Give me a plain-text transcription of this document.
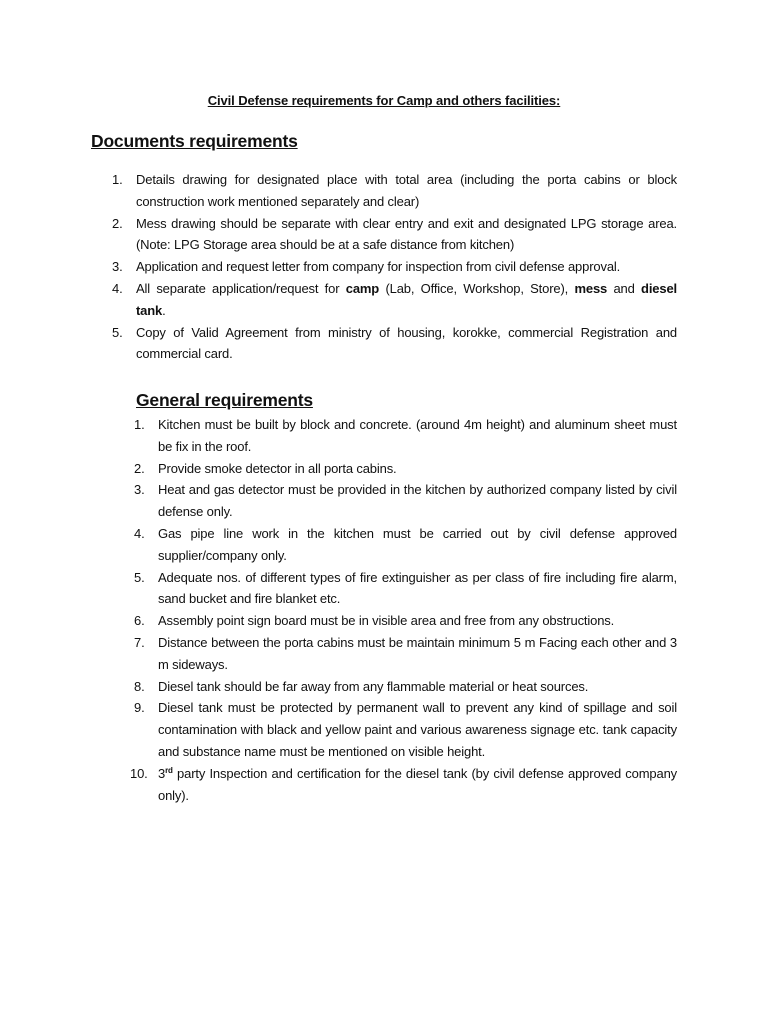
Civil Defense requirements for Camp and others facilities:
Documents requirements
1. Details drawing for designated place with total area (including the porta cabins or block construction work mentioned separately and clear)
2. Mess drawing should be separate with clear entry and exit and designated LPG storage area. (Note: LPG Storage area should be at a safe distance from kitchen)
3. Application and request letter from company for inspection from civil defense approval.
4. All separate application/request for camp (Lab, Office, Workshop, Store), mess and diesel tank.
5. Copy of Valid Agreement from ministry of housing, korokke, commercial Registration and commercial card.
General requirements
1. Kitchen must be built by block and concrete. (around 4m height) and aluminum sheet must be fix in the roof.
2. Provide smoke detector in all porta cabins.
3. Heat and gas detector must be provided in the kitchen by authorized company listed by civil defense only.
4. Gas pipe line work in the kitchen must be carried out by civil defense approved supplier/company only.
5. Adequate nos. of different types of fire extinguisher as per class of fire including fire alarm, sand bucket and fire blanket etc.
6. Assembly point sign board must be in visible area and free from any obstructions.
7. Distance between the porta cabins must be maintain minimum 5 m Facing each other and 3 m sideways.
8. Diesel tank should be far away from any flammable material or heat sources.
9. Diesel tank must be protected by permanent wall to prevent any kind of spillage and soil contamination with black and yellow paint and various awareness signage etc. tank capacity and substance name must be mentioned on visible height.
10. 3rd party Inspection and certification for the diesel tank (by civil defense approved company only).
